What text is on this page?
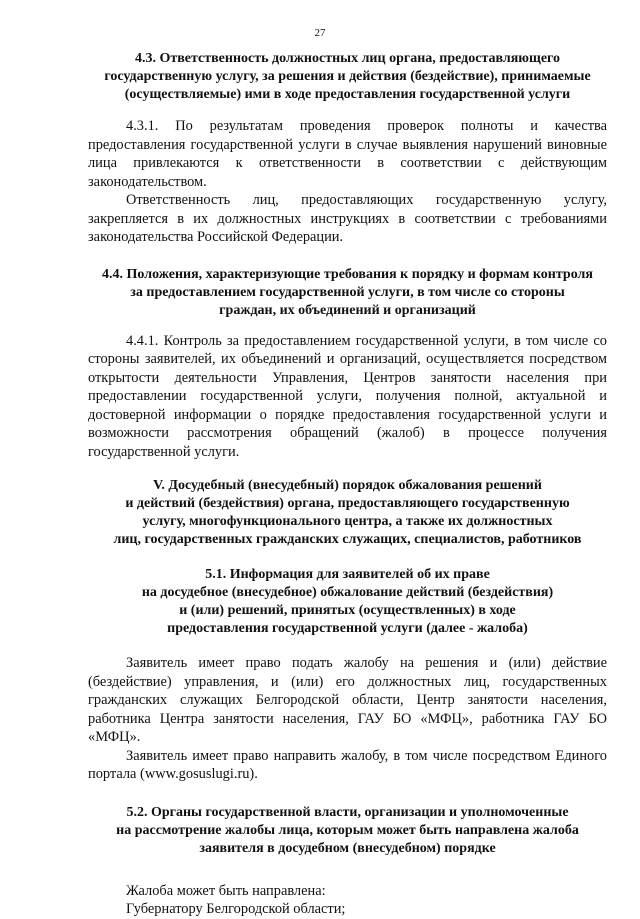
27
4.3. Ответственность должностных лиц органа, предоставляющего
государственную услугу, за решения и действия (бездействие), принимаемые
(осуществляемые) ими в ходе предоставления государственной услуги

4.3.1. По результатам проведения проверок полноты и качества предоставления государственной услуги в случае выявления нарушений виновные лица привлекаются к ответственности в соответствии с действующим законодательством.

Ответственность лиц, предоставляющих государственную услугу, закрепляется в их должностных инструкциях в соответствии с требованиями законодательства Российской Федерации.

4.4. Положения, характеризующие требования к порядку и формам контроля
за предоставлением государственной услуги, в том числе со стороны
граждан, их объединений и организаций

4.4.1. Контроль за предоставлением государственной услуги, в том числе со стороны заявителей, их объединений и организаций, осуществляется посредством открытости деятельности Управления, Центров занятости населения при предоставлении государственной услуги, получения полной, актуальной и достоверной информации о порядке предоставления государственной услуги и возможности рассмотрения обращений (жалоб) в процессе получения государственной услуги.

V. Досудебный (внесудебный) порядок обжалования решений
и действий (бездействия) органа, предоставляющего государственную
услугу, многофункционального центра, а также их должностных
лиц, государственных гражданских служащих, специалистов, работников
5.1. Информация для заявителей об их праве
на досудебное (внесудебное) обжалование действий (бездействия)
и (или) решений, принятых (осуществленных) в ходе
предоставления государственной услуги (далее - жалоба)

Заявитель имеет право подать жалобу на решения и (или) действие (бездействие) управления, и (или) его должностных лиц, государственных гражданских служащих Белгородской области, Центр занятости населения, работника Центра занятости населения, ГАУ БО «МФЦ», работника ГАУ БО «МФЦ».

Заявитель имеет право направить жалобу, в том числе посредством Единого портала (www.gosuslugi.ru).

5.2. Органы государственной власти, организации и уполномоченные
на рассмотрение жалобы лица, которым может быть направлена жалоба
заявителя в досудебном (внесудебном) порядке

Жалоба может быть направлена:

Губернатору Белгородской области;
